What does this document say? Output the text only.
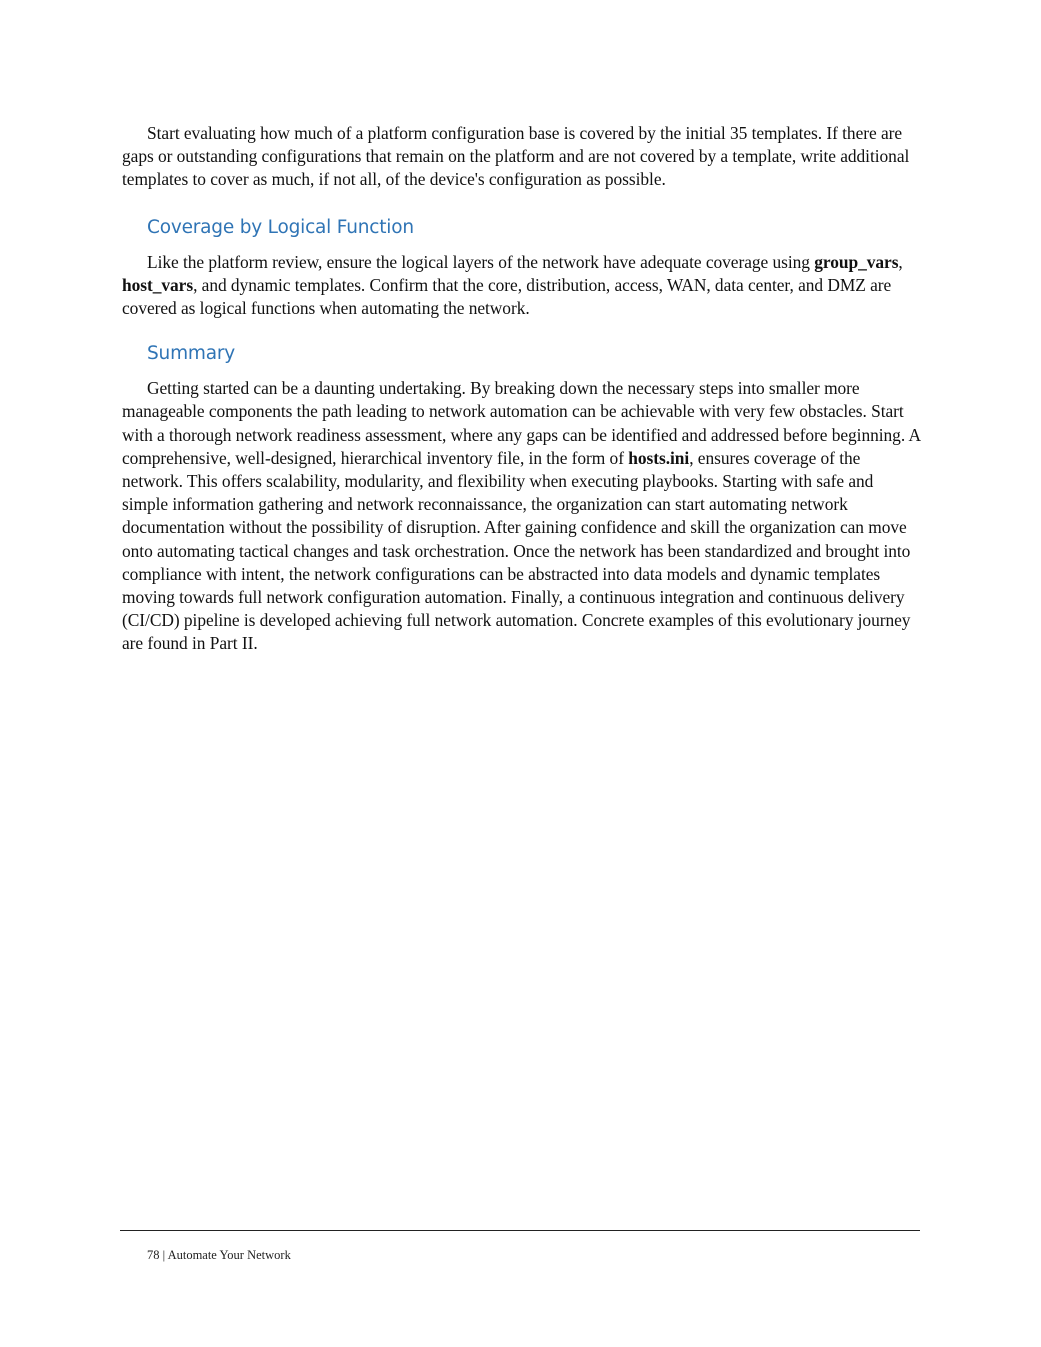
Start evaluating how much of a platform configuration base is covered by the initial 35 templates. If there are gaps or outstanding configurations that remain on the platform and are not covered by a template, write additional templates to cover as much, if not all, of the device's configuration as possible.

Coverage by Logical Function

Like the platform review, ensure the logical layers of the network have adequate coverage using group_vars, host_vars, and dynamic templates. Confirm that the core, distribution, access, WAN, data center, and DMZ are covered as logical functions when automating the network.

Summary

Getting started can be a daunting undertaking. By breaking down the necessary steps into smaller more manageable components the path leading to network automation can be achievable with very few obstacles. Start with a thorough network readiness assessment, where any gaps can be identified and addressed before beginning. A comprehensive, well-designed, hierarchical inventory file, in the form of hosts.ini, ensures coverage of the network. This offers scalability, modularity, and flexibility when executing playbooks. Starting with safe and simple information gathering and network reconnaissance, the organization can start automating network documentation without the possibility of disruption. After gaining confidence and skill the organization can move onto automating tactical changes and task orchestration. Once the network has been standardized and brought into compliance with intent, the network configurations can be abstracted into data models and dynamic templates moving towards full network configuration automation. Finally, a continuous integration and continuous delivery (CI/CD) pipeline is developed achieving full network automation. Concrete examples of this evolutionary journey are found in Part II.

78 | Automate Your Network
